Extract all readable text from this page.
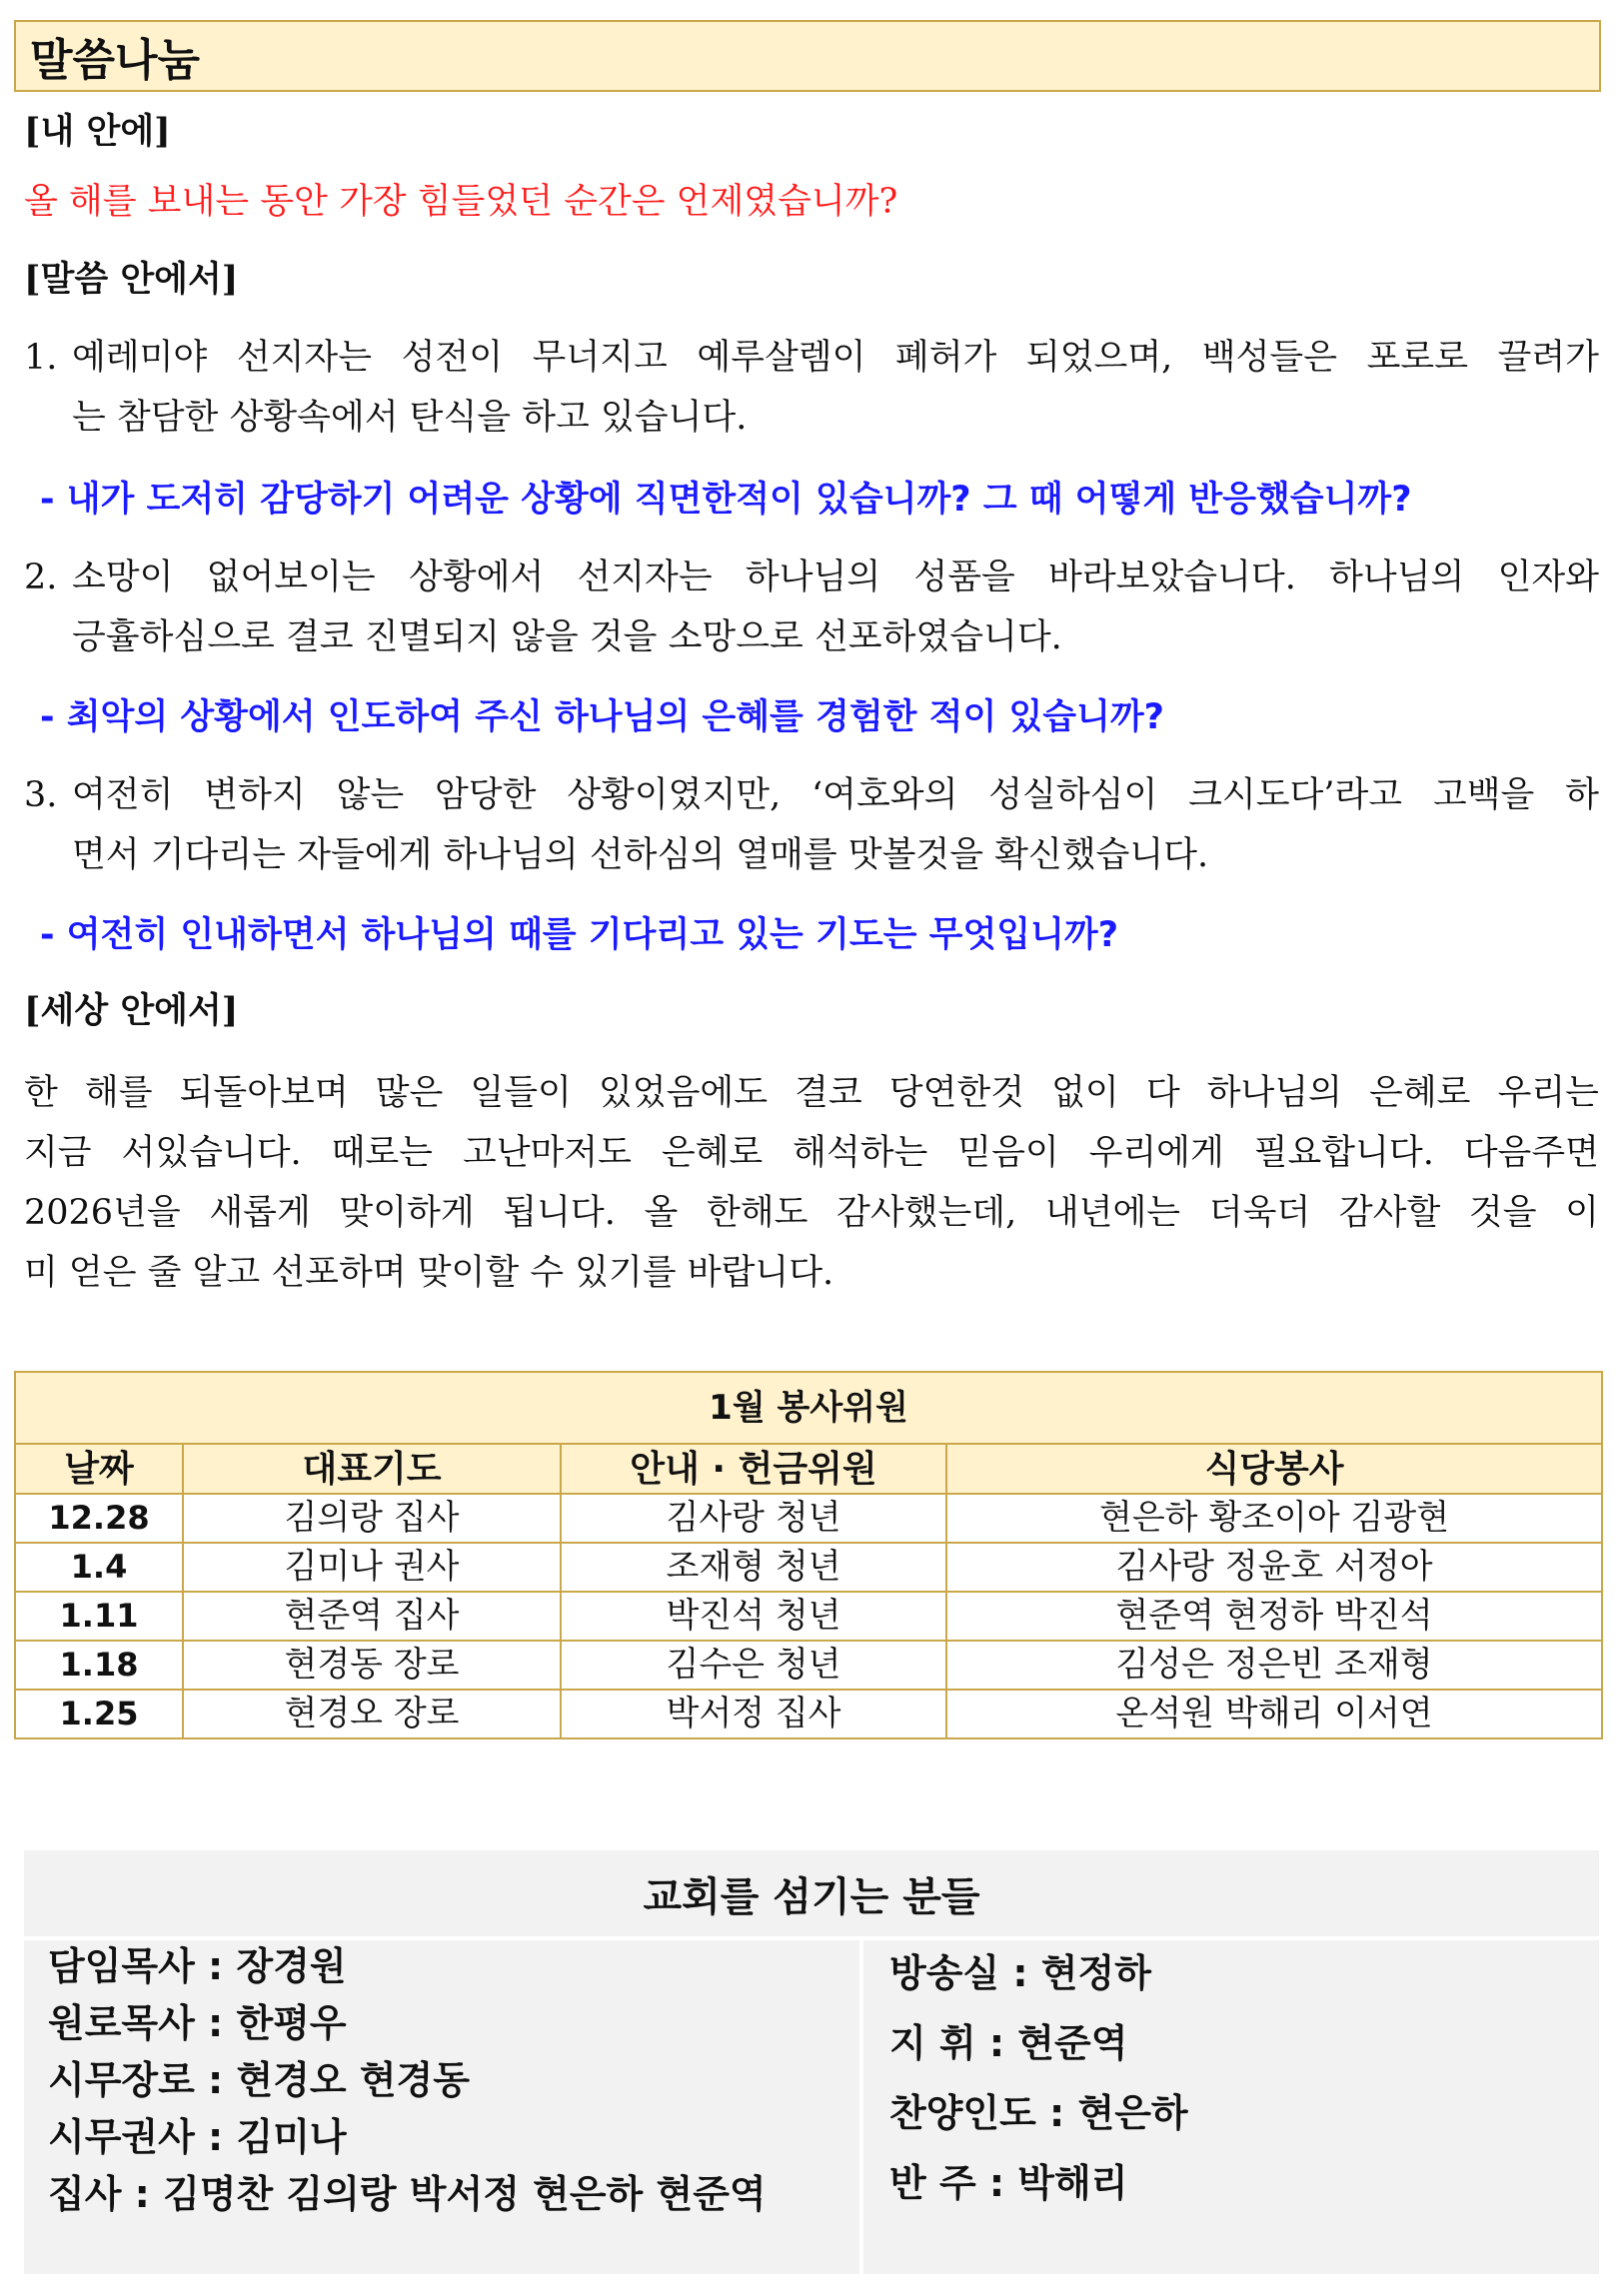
말씀나눔
[내 안에]
올 해를 보내는 동안 가장 힘들었던 순간은 언제였습니까?
[말씀 안에서]
1. 예레미야 선지자는 성전이 무너지고 예루살렘이 폐허가 되었으며, 백성들은 포로로 끌려가
는 참담한 상황속에서 탄식을 하고 있습니다.
- 내가 도저히 감당하기 어려운 상황에 직면한적이 있습니까? 그 때 어떻게 반응했습니까?
2. 소망이 없어보이는 상황에서 선지자는 하나님의 성품을 바라보았습니다. 하나님의 인자와
긍휼하심으로 결코 진멸되지 않을 것을 소망으로 선포하였습니다.
- 최악의 상황에서 인도하여 주신 하나님의 은혜를 경험한 적이 있습니까?
3. 여전히 변하지 않는 암당한 상황이였지만, ‘여호와의 성실하심이 크시도다’라고 고백을 하
면서 기다리는 자들에게 하나님의 선하심의 열매를 맛볼것을 확신했습니다.
- 여전히 인내하면서 하나님의 때를 기다리고 있는 기도는 무엇입니까?
[세상 안에서]
한 해를 되돌아보며 많은 일들이 있었음에도 결코 당연한것 없이 다 하나님의 은혜로 우리는
지금 서있습니다. 때로는 고난마저도 은혜로 해석하는 믿음이 우리에게 필요합니다. 다음주면
2026년을 새롭게 맞이하게 됩니다. 올 한해도 감사했는데, 내년에는 더욱더 감사할 것을 이
미 얻은 줄 알고 선포하며 맞이할 수 있기를 바랍니다.
1월 봉사위원			
날짜	대표기도	안내 · 헌금위원	식당봉사
12.28	김의랑 집사	김사랑 청년	현은하 황조이아 김광현
1.4	김미나 권사	조재형 청년	김사랑 정윤호 서정아
1.11	현준역 집사	박진석 청년	현준역 현정하 박진석
1.18	현경동 장로	김수은 청년	김성은 정은빈 조재형
1.25	현경오 장로	박서정 집사	온석원 박해리 이서연
교회를 섬기는 분들
담임목사 : 장경원
원로목사 : 한평우
시무장로 : 현경오 현경동
시무권사 : 김미나
집사 : 김명찬 김의랑 박서정 현은하 현준역
방송실 : 현정하
지 휘 : 현준역
찬양인도 : 현은하
반 주 : 박해리
